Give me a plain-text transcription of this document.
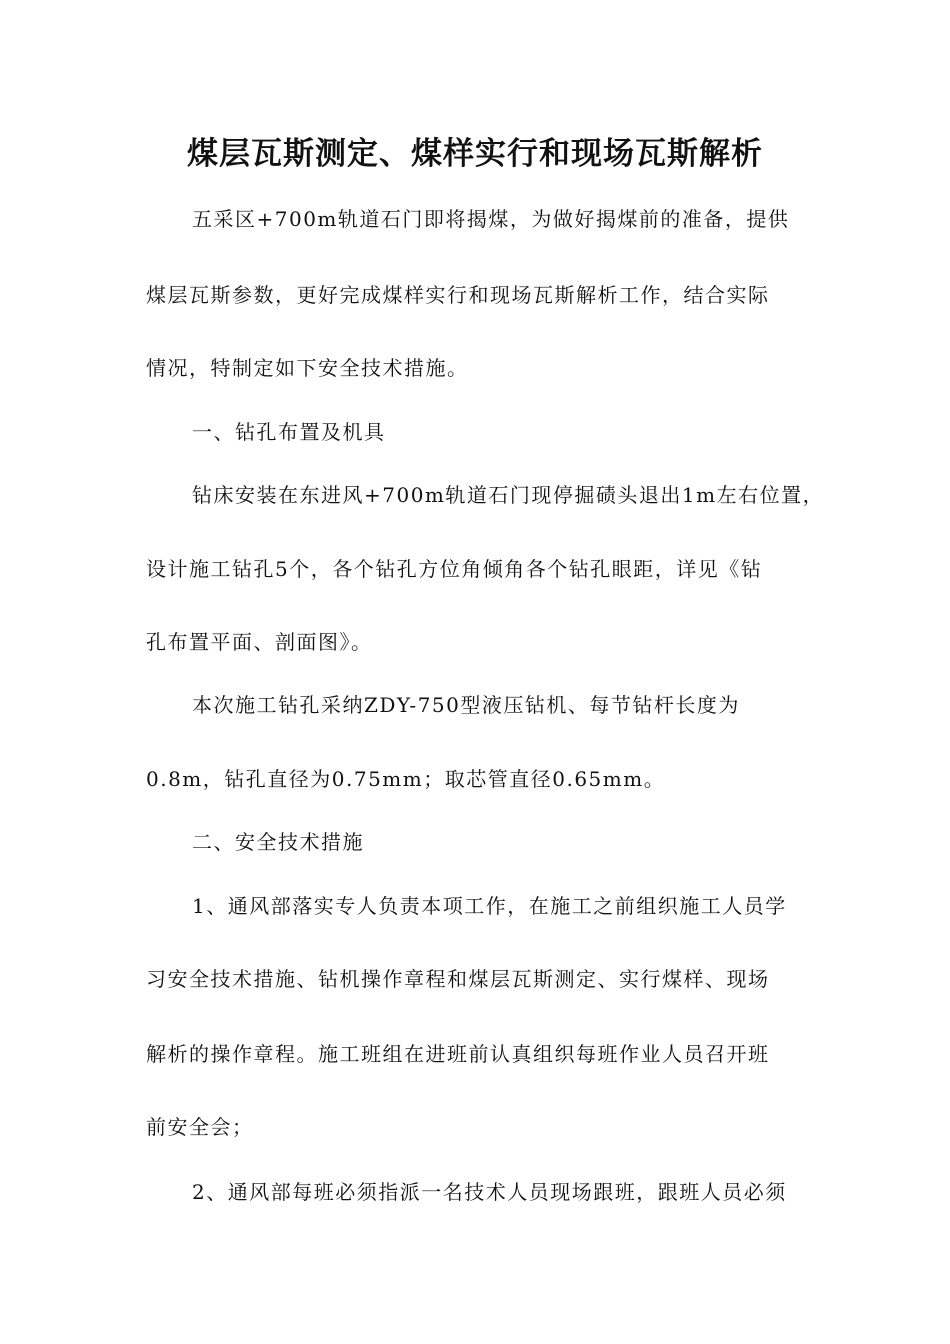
煤层瓦斯测定、煤样实行和现场瓦斯解析
五采区+700m轨道石门即将揭煤，为做好揭煤前的准备，提供
煤层瓦斯参数，更好完成煤样实行和现场瓦斯解析工作，结合实际
情况，特制定如下安全技术措施。
一、钻孔布置及机具
钻床安装在东进风+700m轨道石门现停掘碛头退出1m左右位置，
设计施工钻孔5个，各个钻孔方位角倾角各个钻孔眼距，详见《钻
孔布置平面、剖面图》。
本次施工钻孔采纳ZDY-750型液压钻机、每节钻杆长度为
0.8m，钻孔直径为0.75mm；取芯管直径0.65mm。
二、安全技术措施
1、通风部落实专人负责本项工作，在施工之前组织施工人员学
习安全技术措施、钻机操作章程和煤层瓦斯测定、实行煤样、现场
解析的操作章程。施工班组在进班前认真组织每班作业人员召开班
前安全会；
2、通风部每班必须指派一名技术人员现场跟班，跟班人员必须
